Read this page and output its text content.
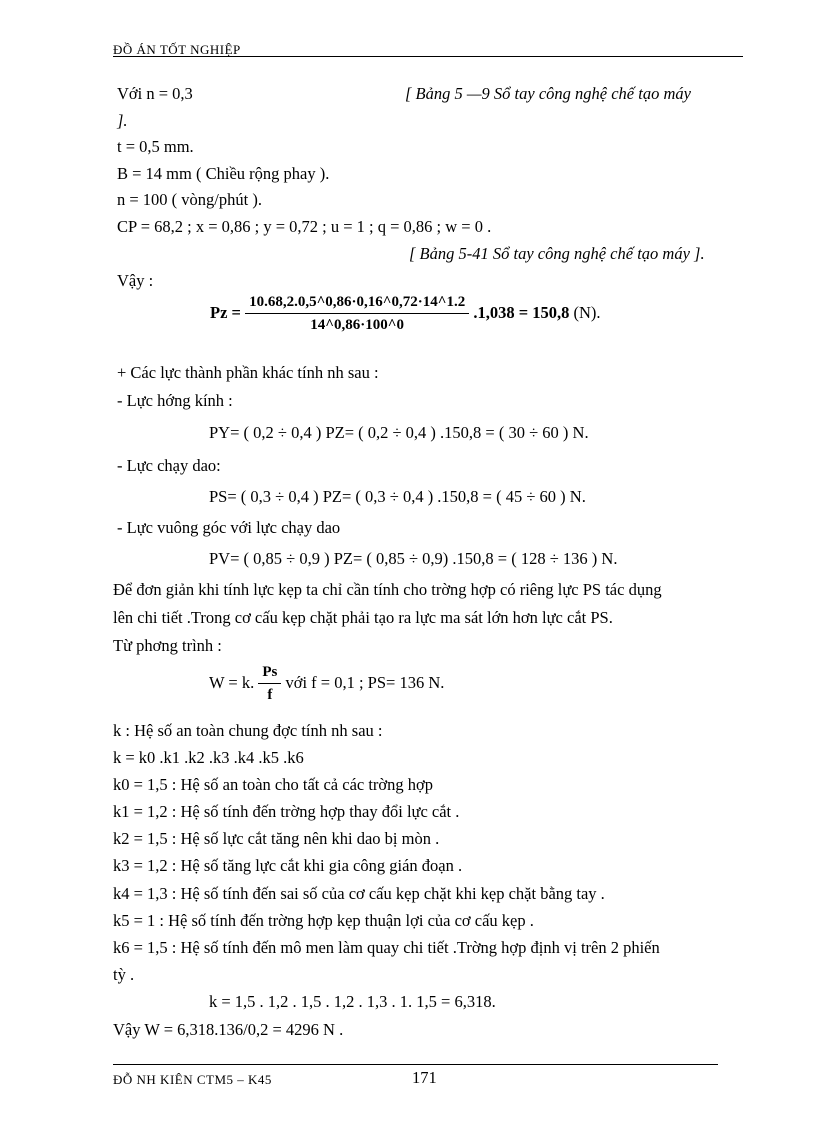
ĐỒ ÁN TỐT NGHIỆP
Với n = 0,3	[ Bảng 5 —9 Sổ tay công nghệ chế tạo máy
].
t = 0,5 mm.
B = 14 mm ( Chiều rộng phay ).
n = 100 ( vòng/phút ).
CP = 68,2 ; x = 0,86 ; y = 0,72 ; u = 1 ; q = 0,86 ; w = 0 .
[ Bảng 5-41 Sổ tay công nghệ chế tạo máy ].
Vậy :
$Pz = \frac{10.68,2.0,5\^{}0,86\cdot 0,16\^{}0,72\cdot 14\^{}1.2}{14\^{}0,86\cdot 100\^{}0} .1,038 = 150,8$ (N).
+ Các lực thành phần khác tính nh sau :
- Lực hớng kính :
PY= ( 0,2 ÷ 0,4 ) PZ= ( 0,2 ÷ 0,4 ) .150,8 = ( 30 ÷ 60 ) N.
- Lực chạy dao:
PS= ( 0,3 ÷ 0,4 ) PZ= ( 0,3 ÷ 0,4 ) .150,8 = ( 45 ÷ 60 ) N.
- Lực vuông góc với lực chạy dao
PV= ( 0,85 ÷ 0,9 ) PZ= ( 0,85 ÷ 0,9) .150,8 = ( 128 ÷ 136 ) N.
Để đơn giản khi tính lực kẹp ta chỉ cần tính cho trờng hợp có riêng lực PS tác dụng
lên chi tiết .Trong cơ cấu kẹp chặt phải tạo ra lực ma sát lớn hơn lực cắt PS.
Từ phơng trình :
W = k. $\frac{Ps}{f}$ với f = 0,1 ; PS= 136 N.
k : Hệ số an toàn chung đợc tính nh sau :
k = k0 .k1 .k2 .k3 .k4 .k5 .k6
k0 = 1,5 : Hệ số an toàn cho tất cả các trờng hợp
k1 = 1,2 : Hệ số tính đến trờng hợp thay đổi lực cắt .
k2 = 1,5 : Hệ số lực cắt tăng nên khi dao bị mòn .
k3 = 1,2 : Hệ số tăng lực cắt khi gia công gián đoạn .
k4 = 1,3 : Hệ số tính đến sai số của cơ cấu kẹp chặt khi kẹp chặt bằng tay .
k5 = 1 : Hệ số tính đến trờng hợp kẹp thuận lợi của cơ cấu kẹp .
k6 = 1,5 : Hệ số tính đến mô men làm quay chi tiết .Trờng hợp định vị trên 2 phiến
tỳ .
k = 1,5 . 1,2 . 1,5 . 1,2 . 1,3 . 1. 1,5 = 6,318.
Vậy W = 6,318.136/0,2 = 4296 N .
ĐỖ NH KIÊN CTM5 – K45	171
